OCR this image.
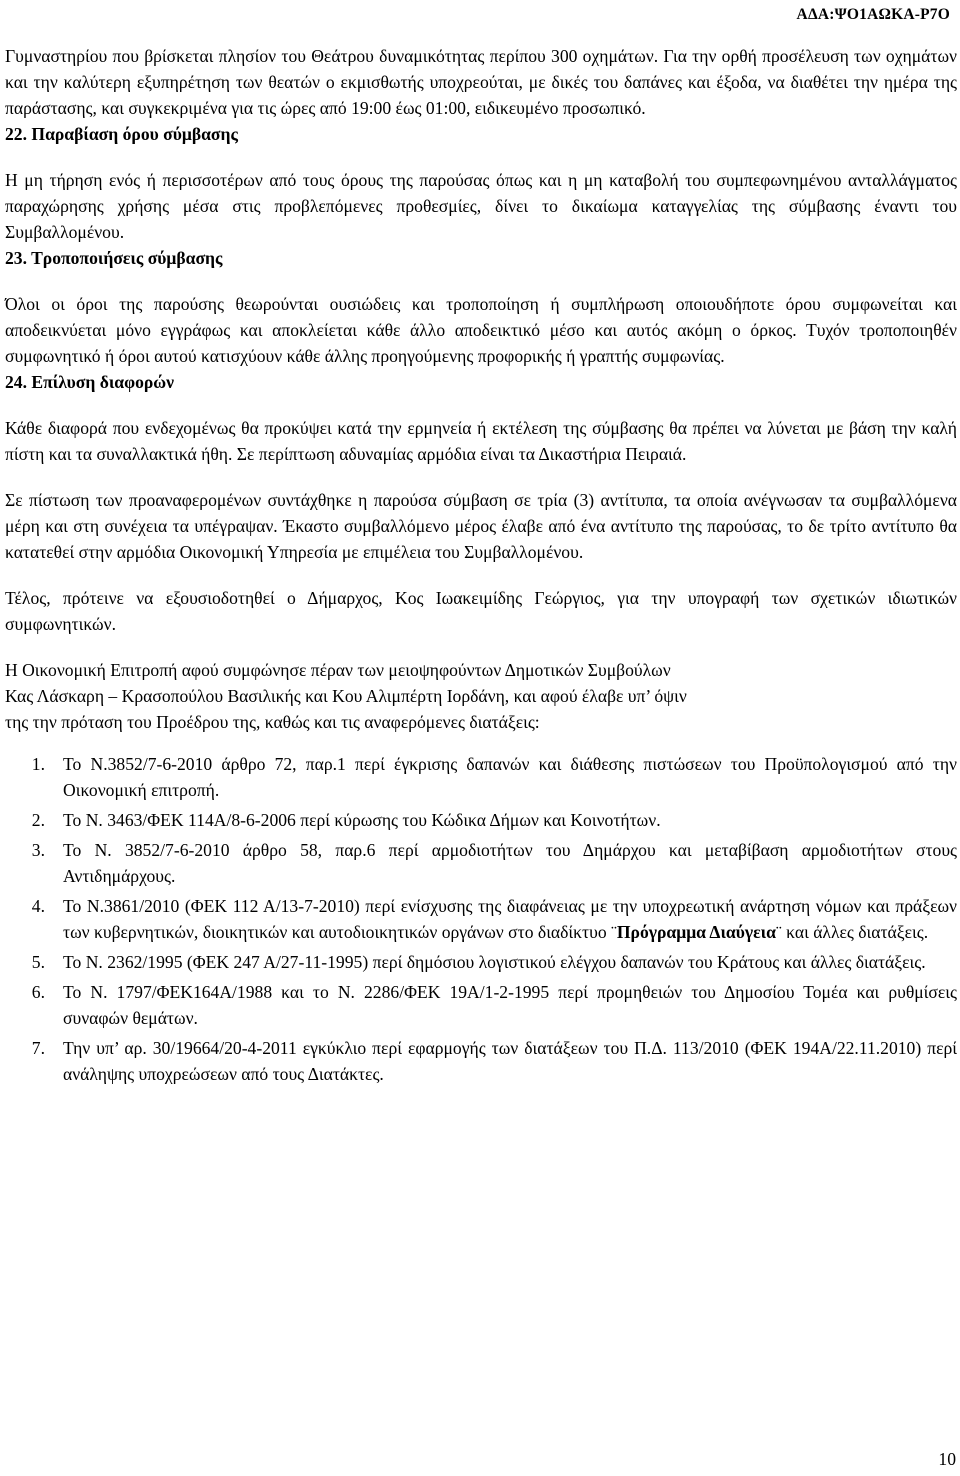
ΑΔΑ:ΨΟ1ΑΩΚΑ-Ρ7Ο

Γυμναστηρίου που βρίσκεται πλησίον του Θεάτρου δυναμικότητας περίπου 300 οχημάτων. Για την ορθή προσέλευση των οχημάτων και την καλύτερη εξυπηρέτηση των θεατών ο εκμισθωτής υποχρεούται, με δικές του δαπάνες και έξοδα, να διαθέτει την ημέρα της παράστασης, και συγκεκριμένα για τις ώρες από 19:00 έως 01:00, ειδικευμένο προσωπικό.

22. Παραβίαση όρου σύμβασης

Η μη τήρηση ενός ή περισσοτέρων από τους όρους της παρούσας όπως και η μη καταβολή του συμπεφωνημένου ανταλλάγματος παραχώρησης χρήσης μέσα στις προβλεπόμενες προθεσμίες, δίνει το δικαίωμα καταγγελίας της σύμβασης έναντι του Συμβαλλομένου.

23. Τροποποιήσεις σύμβασης

Όλοι οι όροι της παρούσης θεωρούνται ουσιώδεις και τροποποίηση ή συμπλήρωση οποιουδήποτε όρου συμφωνείται και αποδεικνύεται μόνο εγγράφως και αποκλείεται κάθε άλλο αποδεικτικό μέσο και αυτός ακόμη ο όρκος. Τυχόν τροποποιηθέν συμφωνητικό ή όροι αυτού κατισχύουν κάθε άλλης προηγούμενης προφορικής ή γραπτής συμφωνίας.

24. Επίλυση διαφορών

Κάθε διαφορά που ενδεχομένως θα προκύψει κατά την ερμηνεία ή εκτέλεση της σύμβασης θα πρέπει να λύνεται με βάση την καλή πίστη και τα συναλλακτικά ήθη. Σε περίπτωση αδυναμίας αρμόδια είναι τα Δικαστήρια Πειραιά.

Σε πίστωση των προαναφερομένων συντάχθηκε η παρούσα σύμβαση σε τρία (3) αντίτυπα, τα οποία ανέγνωσαν τα συμβαλλόμενα μέρη και στη συνέχεια τα υπέγραψαν. Έκαστο συμβαλλόμενο μέρος έλαβε από ένα αντίτυπο της παρούσας, το δε τρίτο αντίτυπο θα κατατεθεί στην αρμόδια Οικονομική Υπηρεσία με επιμέλεια του Συμβαλλομένου.

Τέλος, πρότεινε να εξουσιοδοτηθεί ο Δήμαρχος, Κος Ιωακειμίδης Γεώργιος, για την υπογραφή των σχετικών ιδιωτικών συμφωνητικών.

Η Οικονομική Επιτροπή αφού συμφώνησε πέραν των μειοψηφούντων Δημοτικών Συμβούλων
Κας Λάσκαρη – Κρασοπούλου Βασιλικής και Κου Αλιμπέρτη Ιορδάνη, και αφού έλαβε υπ’ όψιν
της την πρόταση του Προέδρου της, καθώς και τις αναφερόμενες διατάξεις:
1.	Το Ν.3852/7-6-2010 άρθρο 72, παρ.1 περί έγκρισης δαπανών και διάθεσης πιστώσεων του Προϋπολογισμού από την Οικονομική επιτροπή.
2.	Το Ν. 3463/ΦΕΚ 114Α/8-6-2006 περί κύρωσης του Κώδικα Δήμων και Κοινοτήτων.
3.	Το Ν. 3852/7-6-2010 άρθρο 58, παρ.6 περί αρμοδιοτήτων του Δημάρχου και μεταβίβαση αρμοδιοτήτων στους Αντιδημάρχους.
4.	Το Ν.3861/2010 (ΦΕΚ 112 Α/13-7-2010) περί ενίσχυσης της διαφάνειας με την υποχρεωτική ανάρτηση νόμων και πράξεων των κυβερνητικών, διοικητικών και αυτοδιοικητικών οργάνων στο διαδίκτυο ¨Πρόγραμμα Διαύγεια¨ και άλλες διατάξεις.
5.	Το Ν. 2362/1995 (ΦΕΚ 247 Α/27-11-1995) περί δημόσιου λογιστικού ελέγχου δαπανών του Κράτους και άλλες διατάξεις.
6.	Το Ν. 1797/ΦΕΚ164Α/1988 και το Ν. 2286/ΦΕΚ 19Α/1-2-1995 περί προμηθειών του Δημοσίου Τομέα και ρυθμίσεις συναφών θεμάτων.
7.	Την υπ’ αρ. 30/19664/20-4-2011 εγκύκλιο περί εφαρμογής των διατάξεων του Π.Δ. 113/2010 (ΦΕΚ 194Α/22.11.2010) περί ανάληψης υποχρεώσεων από τους Διατάκτες.
10
